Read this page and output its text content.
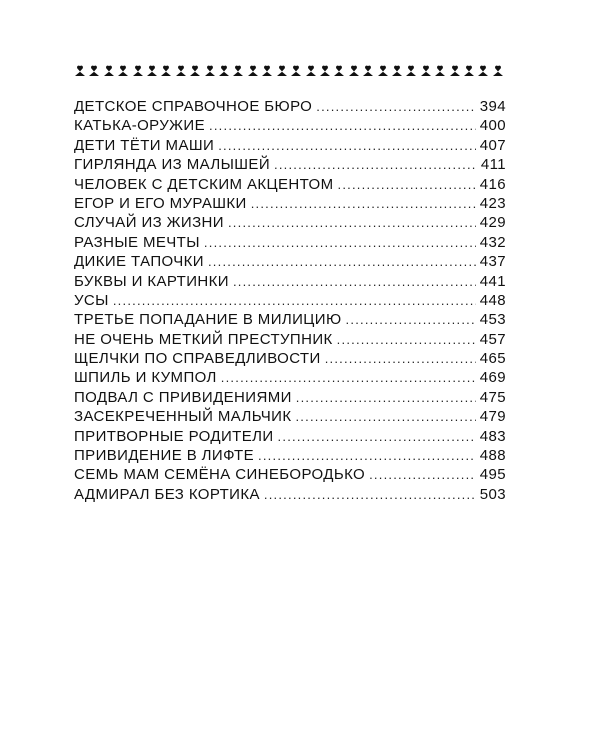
ДЕТСКОЕ СПРАВОЧНОЕ БЮРО . . .	394
КАТЬКА-ОРУЖИЕ . . .	400
ДЕТИ ТЁТИ МАШИ . . .	407
ГИРЛЯНДА ИЗ МАЛЫШЕЙ . . .	411
ЧЕЛОВЕК С ДЕТСКИМ АКЦЕНТОМ . . .	416
ЕГОР И ЕГО МУРАШКИ . . .	423
СЛУЧАЙ ИЗ ЖИЗНИ . . .	429
РАЗНЫЕ МЕЧТЫ . . .	432
ДИКИЕ ТАПОЧКИ . . .	437
БУКВЫ И КАРТИНКИ . . .	441
УСЫ . . .	448
ТРЕТЬЕ ПОПАДАНИЕ В МИЛИЦИЮ . . .	453
НЕ ОЧЕНЬ МЕТКИЙ ПРЕСТУПНИК . . .	457
ЩЕЛЧКИ ПО СПРАВЕДЛИВОСТИ . . .	465
ШПИЛЬ И КУМПОЛ . . .	469
ПОДВАЛ С ПРИВИДЕНИЯМИ . . .	475
ЗАСЕКРЕЧЕННЫЙ МАЛЬЧИК . . .	479
ПРИТВОРНЫЕ РОДИТЕЛИ . . .	483
ПРИВИДЕНИЕ В ЛИФТЕ . . .	488
СЕМЬ МАМ СЕМЁНА СИНЕБОРОДЬКО . . .	495
АДМИРАЛ БЕЗ КОРТИКА . . .	503
